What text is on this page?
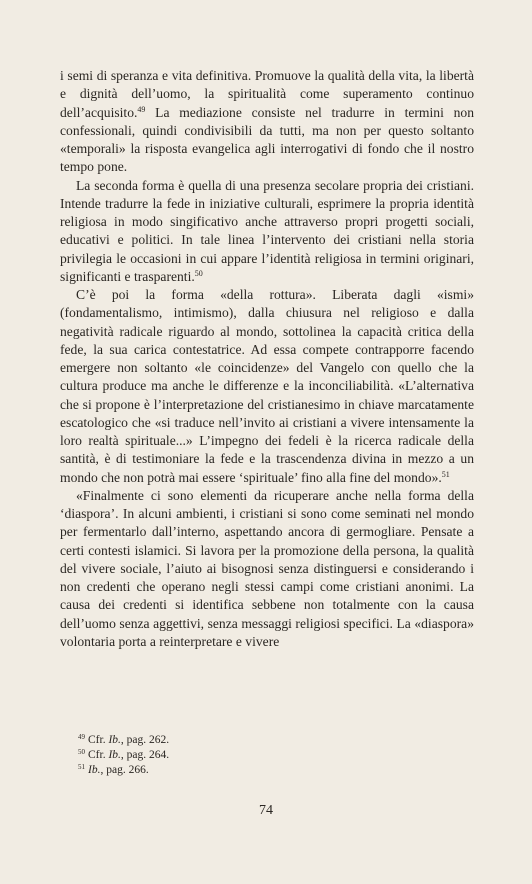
i semi di speranza e vita definitiva. Promuove la qualità della vita, la libertà e dignità dell’uomo, la spiritualità come superamento continuo dell’acquisito.$^{49}$ La mediazione consiste nel tradurre in termini non confessionali, quindi condivisibili da tutti, ma non per questo soltanto «temporali» la risposta evangelica agli interrogativi di fondo che il nostro tempo pone.

La seconda forma è quella di una presenza secolare propria dei cristiani. Intende tradurre la fede in iniziative culturali, esprimere la propria identità religiosa in modo singificativo anche attraverso propri progetti sociali, educativi e politici. In tale linea l’intervento dei cristiani nella storia privilegia le occasioni in cui appare l’identità religiosa in termini originari, significanti e trasparenti.$^{50}$

C’è poi la forma «della rottura». Liberata dagli «ismi» (fondamentalismo, intimismo), dalla chiusura nel religioso e dalla negatività radicale riguardo al mondo, sottolinea la capacità critica della fede, la sua carica contestatrice. Ad essa compete contrapporre facendo emergere non soltanto «le coincidenze» del Vangelo con quello che la cultura produce ma anche le differenze e la inconciliabilità. «L’alternativa che si propone è l’interpretazione del cristianesimo in chiave marcatamente escatologico che «si traduce nell’invito ai cristiani a vivere intensamente la loro realtà spirituale...» L’impegno dei fedeli è la ricerca radicale della santità, è di testimoniare la fede e la trascendenza divina in mezzo a un mondo che non potrà mai essere ‘spirituale’ fino alla fine del mondo».$^{51}$

«Finalmente ci sono elementi da ricuperare anche nella forma della ‘diaspora’. In alcuni ambienti, i cristiani si sono come seminati nel mondo per fermentarlo dall’interno, aspettando ancora di germogliare. Pensate a certi contesti islamici. Si lavora per la promozione della persona, la qualità del vivere sociale, l’aiuto ai bisognosi senza distinguersi e considerando i non credenti che operano negli stessi campi come cristiani anonimi. La causa dei credenti si identifica sebbene non totalmente con la causa dell’uomo senza aggettivi, senza messaggi religiosi specifici. La «diaspora» volontaria porta a reinterpretare e vivere

$^{49}$ Cfr. Ib., pag. 262.
$^{50}$ Cfr. Ib., pag. 264.
$^{51}$ Ib., pag. 266.
74
